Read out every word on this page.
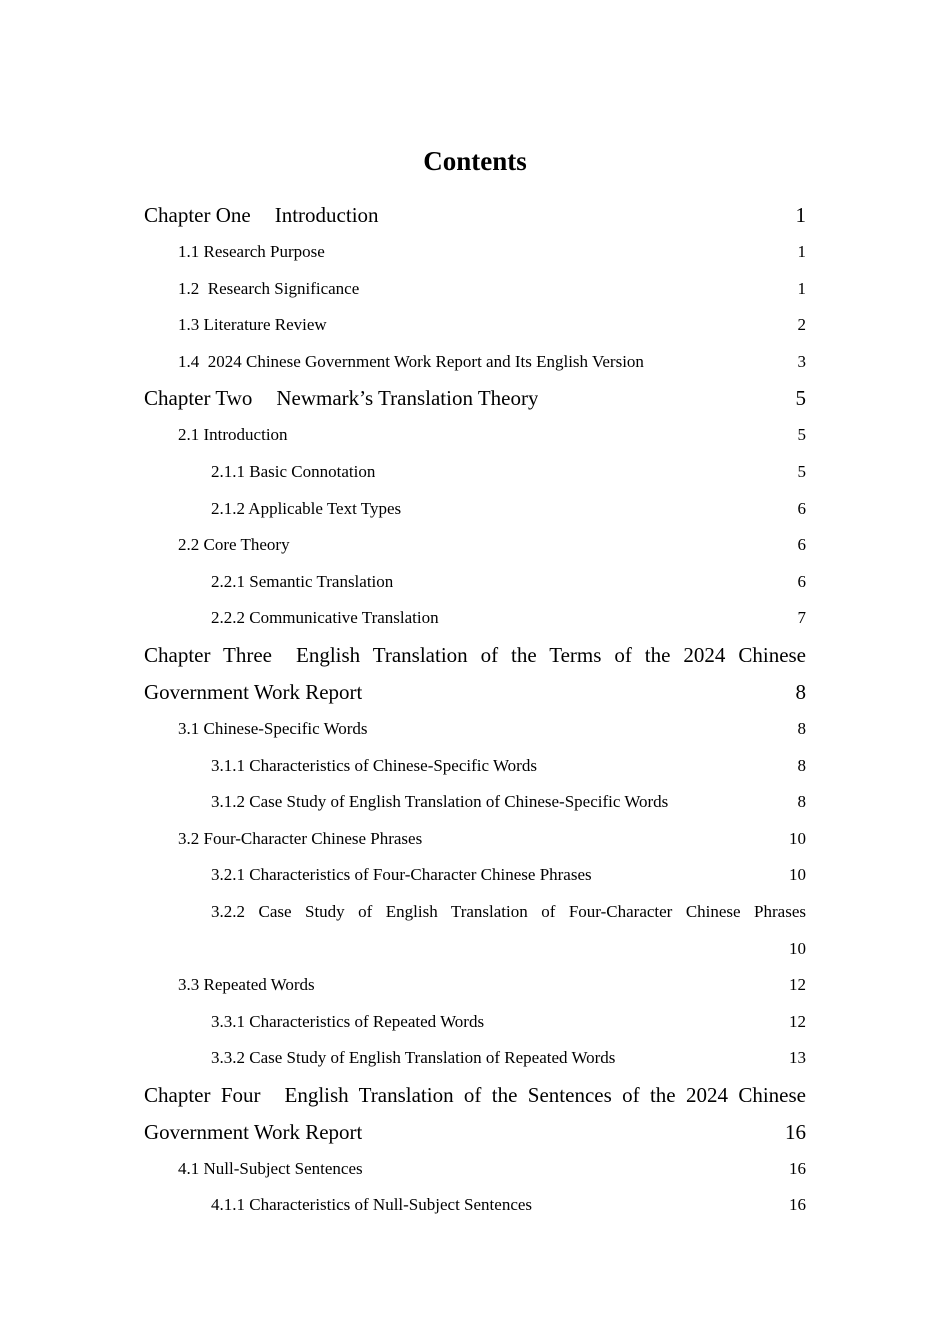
Contents
Chapter One Introduction	1
1.1 Research Purpose	1
1.2  Research Significance	1
1.3 Literature Review	2
1.4  2024 Chinese Government Work Report and Its English Version	3
Chapter Two Newmark’s Translation Theory	5
2.1 Introduction	5
2.1.1 Basic Connotation	5
2.1.2 Applicable Text Types	6
2.2 Core Theory	6
2.2.1 Semantic Translation	6
2.2.2 Communicative Translation	7
Chapter Three English Translation of the Terms of the 2024 Chinese
Government Work Report	8
3.1 Chinese-Specific Words	8
3.1.1 Characteristics of Chinese-Specific Words	8
3.1.2 Case Study of English Translation of Chinese-Specific Words	8
3.2 Four-Character Chinese Phrases	10
3.2.1 Characteristics of Four-Character Chinese Phrases	10
3.2.2 Case Study of English Translation of Four-Character Chinese Phrases
10
3.3 Repeated Words	12
3.3.1 Characteristics of Repeated Words	12
3.3.2 Case Study of English Translation of Repeated Words	13
Chapter Four English Translation of the Sentences of the 2024 Chinese
Government Work Report	16
4.1 Null-Subject Sentences	16
4.1.1 Characteristics of Null-Subject Sentences	16
